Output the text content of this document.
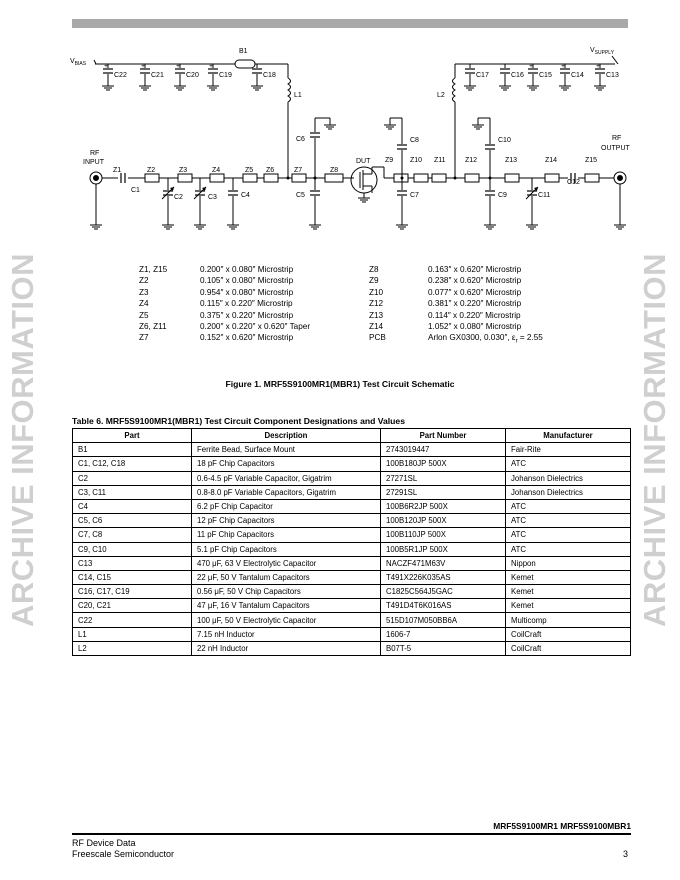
ARCHIVE INFORMATION	ARCHIVE INFORMATION
$V_{BIAS}$
$V_{SUPPLY}$
B1
L1	L2
C22	C21	C20	C19	C18	C17	C16 C15	C14	C13
+	+	+	+	+	+	+
RF
INPUT
RF
OUTPUT
DUT
Z1	Z2	Z3	Z4	Z5 Z6	Z7	Z8
Z9 Z10 Z11	Z12	Z13	Z14	Z15
C1
C2	C3	C4	C5
C6
C7
C8
C9
C10
C11
C12
Z1, Z15	0.200″ x 0.080″ Microstrip
Z2	0.105″ x 0.080″ Microstrip
Z3	0.954″ x 0.080″ Microstrip
Z4	0.115″ x 0.220″ Microstrip
Z5	0.375″ x 0.220″ Microstrip
Z6, Z11	0.200″ x 0.220″ x 0.620″ Taper
Z7	0.152″ x 0.620″ Microstrip
Z8	0.163″ x 0.620″ Microstrip
Z9	0.238″ x 0.620″ Microstrip
Z10	0.077″ x 0.620″ Microstrip
Z12	0.381″ x 0.220″ Microstrip
Z13	0.114″ x 0.220″ Microstrip
Z14	1.052″ x 0.080″ Microstrip
PCB	Arlon GX0300, 0.030″, $\varepsilon_r = 2.55$
Figure 1. MRF5S9100MR1(MBR1) Test Circuit Schematic
Table 6. MRF5S9100MR1(MBR1) Test Circuit Component Designations and Values
Part	Description	Part Number	Manufacturer
B1	Ferrite Bead, Surface Mount	2743019447	Fair-Rite
C1, C12, C18	18 pF Chip Capacitors	100B180JP 500X	ATC
C2	0.6-4.5 pF Variable Capacitor, Gigatrim	27271SL	Johanson Dielectrics
C3, C11	0.8-8.0 pF Variable Capacitors, Gigatrim	27291SL	Johanson Dielectrics
C4	6.2 pF Chip Capacitor	100B6R2JP 500X	ATC
C5, C6	12 pF Chip Capacitors	100B120JP 500X	ATC
C7, C8	11 pF Chip Capacitors	100B110JP 500X	ATC
C9, C10	5.1 pF Chip Capacitors	100B5R1JP 500X	ATC
C13	470 μF, 63 V Electrolytic Capacitor	NACZF471M63V	Nippon
C14, C15	22 μF, 50 V Tantalum Capacitors	T491X226K035AS	Kemet
C16, C17, C19	0.56 μF, 50 V Chip Capacitors	C1825C564J5GAC	Kemet
C20, C21	47 μF, 16 V Tantalum Capacitors	T491D4T6K016AS	Kemet
C22	100 μF, 50 V Electrolytic Capacitor	515D107M050BB6A	Multicomp
L1	7.15 nH Inductor	1606-7	CoilCraft
L2	22 nH Inductor	B07T-5	CoilCraft
MRF5S9100MR1 MRF5S9100MBR1
RF Device Data
Freescale Semiconductor	3
